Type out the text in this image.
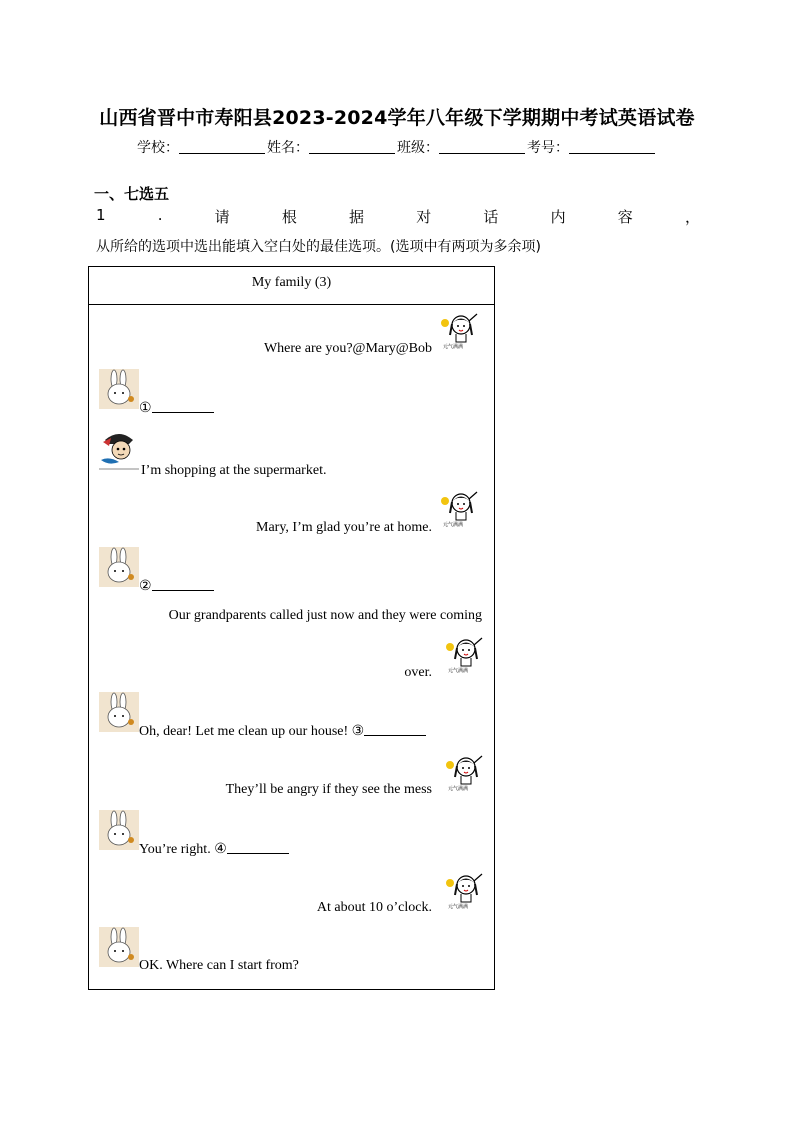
山西省晋中市寿阳县2023-2024学年八年级下学期期中考试英语试卷
学校：	姓名：	班级：	考号：
一、七选五
1	.	请	根	据	对	话	内	容	，
从所给的选项中选出能填入空白处的最佳选项。(选项中有两项为多余项)
My family (3)
元气满满
Where are you?@Mary@Bob
①
I’m shopping at the supermarket.
元气满满
Mary, I’m glad you’re at home.
②
Our grandparents called just now and they were coming
元气满满
over.
Oh, dear! Let me clean up our house! ③
元气满满
They’ll be angry if they see the mess
You’re right. ④
元气满满
At about 10 o’clock.
OK. Where can I start from?
